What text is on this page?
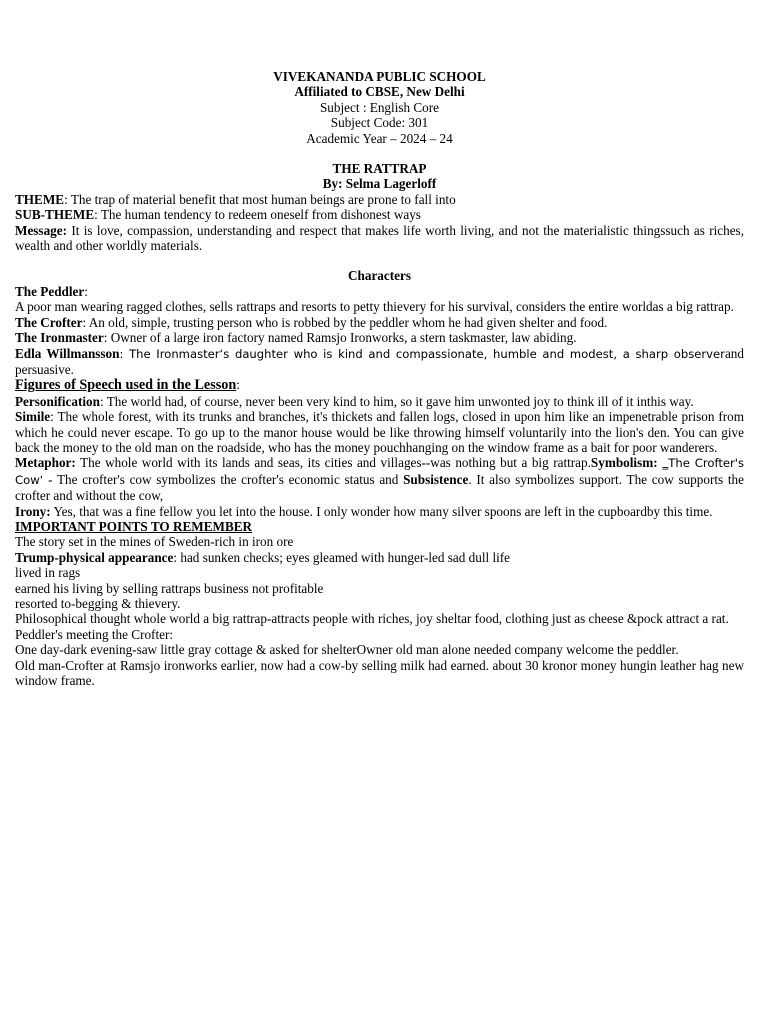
VIVEKANANDA PUBLIC SCHOOL
Affiliated to CBSE, New Delhi
Subject : English Core
Subject Code: 301
Academic Year – 2024 – 24
THE RATTRAP
By: Selma Lagerloff

THEME: The trap of material benefit that most human beings are prone to fall into

SUB-THEME: The human tendency to redeem oneself from dishonest ways

Message: It is love, compassion, understanding and respect that makes life worth living, and not the materialistic thingssuch as riches, wealth and other worldly materials.

Characters

The Peddler:

A poor man wearing ragged clothes, sells rattraps and resorts to petty thievery for his survival, considers the entire worldas a big rattrap.

The Crofter: An old, simple, trusting person who is robbed by the peddler whom he had given shelter and food.

The Ironmaster: Owner of a large iron factory named Ramsjo Ironworks, a stern taskmaster, law abiding.

Edla Willmansson: The Ironmaster‘s daughter who is kind and compassionate, humble and modest, a sharp observerand persuasive.

Figures of Speech used in the Lesson:

Personification: The world had, of course, never been very kind to him, so it gave him unwonted joy to think ill of it inthis way.

Simile: The whole forest, with its trunks and branches, it's thickets and fallen logs, closed in upon him like an impenetrable prison from which he could never escape. To go up to the manor house would be like throwing himself voluntarily into the lion's den. You can give back the money to the old man on the roadside, who has the money pouchhanging on the window frame as a bait for poor wanderers.

Metaphor: The whole world with its lands and seas, its cities and villages--was nothing but a big rattrap.Symbolism: ‗The Crofter's Cow‘ - The crofter's cow symbolizes the crofter's economic status and Subsistence. It also symbolizes support. The cow supports the crofter and without the cow,

Irony: Yes, that was a fine fellow you let into the house. I only wonder how many silver spoons are left in the cupboardby this time.

IMPORTANT POINTS TO REMEMBER

The story set in the mines of Sweden-rich in iron ore

Trump-physical appearance: had sunken checks; eyes gleamed with hunger-led sad dull life

lived in rags

earned his living by selling rattraps business not profitable

resorted to-begging & thievery.

Philosophical thought whole world a big rattrap-attracts people with riches, joy sheltar food, clothing just as cheese &pock attract a rat.

Peddler's meeting the Crofter:

One day-dark evening-saw little gray cottage & asked for shelterOwner old man alone needed company welcome the peddler.

Old man-Crofter at Ramsjo ironworks earlier, now had a cow-by selling milk had earned. about 30 kronor money hungin leather hag new window frame.
